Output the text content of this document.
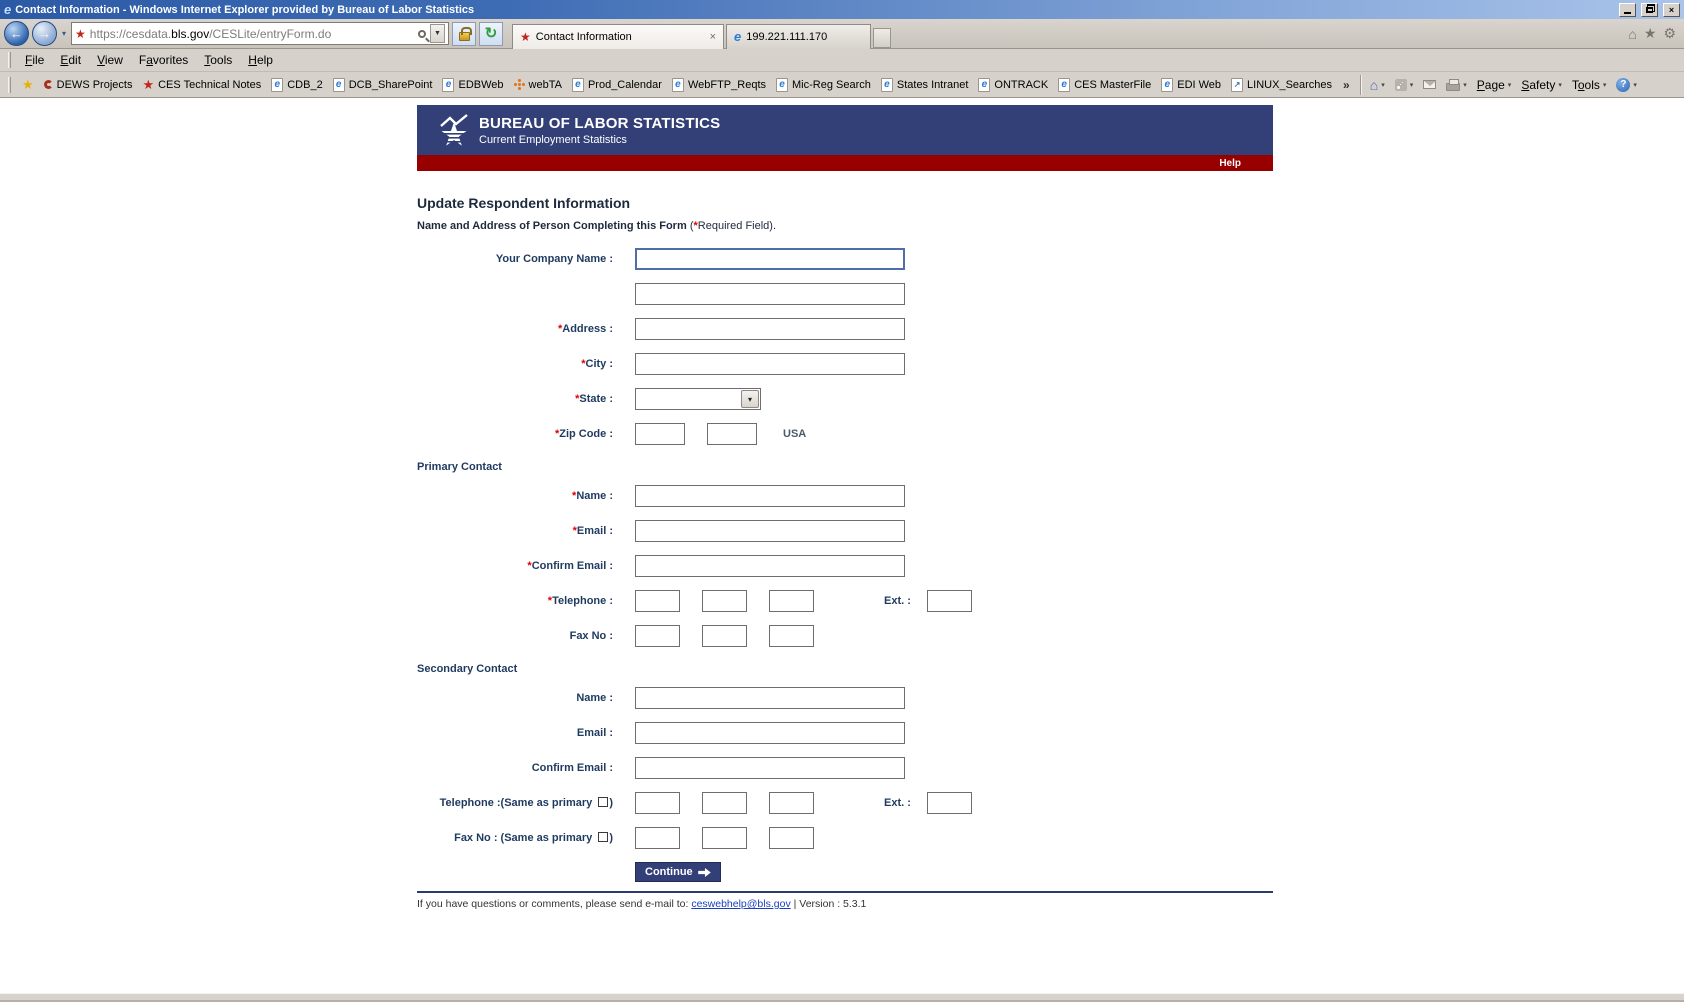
e Contact Information - Windows Internet Explorer provided by Bureau of Labor Statistics	×
← → ▾ ★ https://cesdata.bls.gov/CESLite/entryForm.do	▼	↻ ★ Contact Information	× e 199.221.111.170	⌂ ★ ⚙
File	Edit	View	Favorites	Tools	Help
★ DEWS Projects ★ CES Technical Notes	e CDB_2	e DCB_SharePoint	e EDBWeb webTA	e Prod_Calendar	e WebFTP_Reqts	e Mic-Reg Search	e States Intranet	e ONTRACK	e CES MasterFile	e EDI Web	↗ LINUX_Searches »	⌂ ▾	▾	▾ Page ▾ Safety ▾ Tools ▾	? ▾
BUREAU OF LABOR STATISTICS
Current Employment Statistics
Help
Update Respondent Information
Name and Address of Person Completing this Form (*Required Field).
Your Company Name :
*Address :
*City :
*State :	▾
*Zip Code :	USA
Primary Contact
*Name :
*Email :
*Confirm Email :
*Telephone :	Ext. :
Fax No :
Secondary Contact
Name :
Email :
Confirm Email :
Telephone :(Same as primary )	Ext. :
Fax No : (Same as primary )
Continue
If you have questions or comments, please send e-mail to: ceswebhelp@bls.gov | Version : 5.3.1
